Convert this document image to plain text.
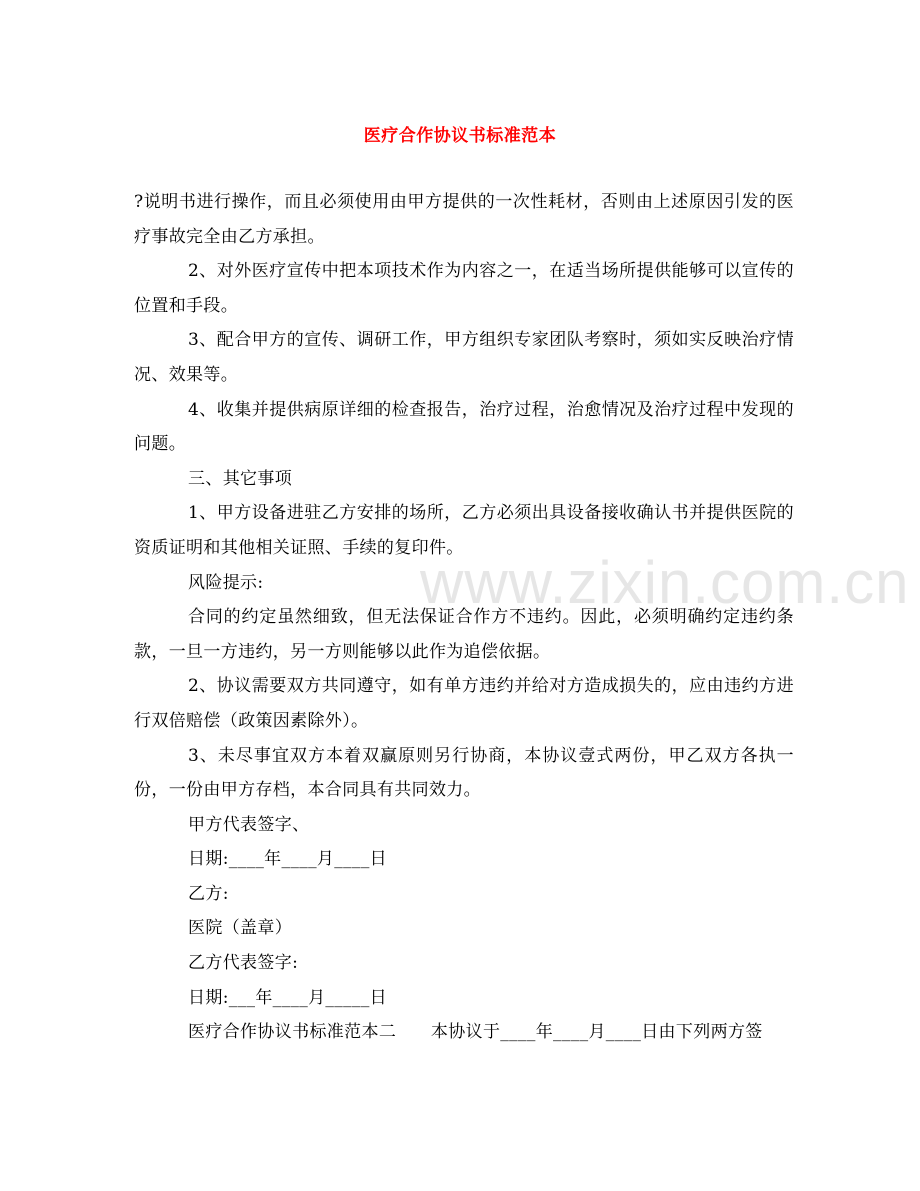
www.zixin.com.cn
医疗合作协议书标准范本

?说明书进行操作，而且必须使用由甲方提供的一次性耗材，否则由上述原因引发的医疗事故完全由乙方承担。

2、对外医疗宣传中把本项技术作为内容之一，在适当场所提供能够可以宣传的位置和手段。

3、配合甲方的宣传、调研工作，甲方组织专家团队考察时，须如实反映治疗情况、效果等。

4、收集并提供病原详细的检查报告，治疗过程，治愈情况及治疗过程中发现的问题。

三、其它事项

1、甲方设备进驻乙方安排的场所，乙方必须出具设备接收确认书并提供医院的资质证明和其他相关证照、手续的复印件。

风险提示:

合同的约定虽然细致，但无法保证合作方不违约。因此，必须明确约定违约条款，一旦一方违约，另一方则能够以此作为追偿依据。

2、协议需要双方共同遵守，如有单方违约并给对方造成损失的，应由违约方进行双倍赔偿（政策因素除外）。

3、未尽事宜双方本着双赢原则另行协商，本协议壹式两份，甲乙双方各执一份，一份由甲方存档，本合同具有共同效力。

甲方代表签字、

日期:____年____月____日

乙方:

医院（盖章）

乙方代表签字:

日期:___年____月_____日

医疗合作协议书标准范本二　　本协议于____年____月____日由下列两方签
